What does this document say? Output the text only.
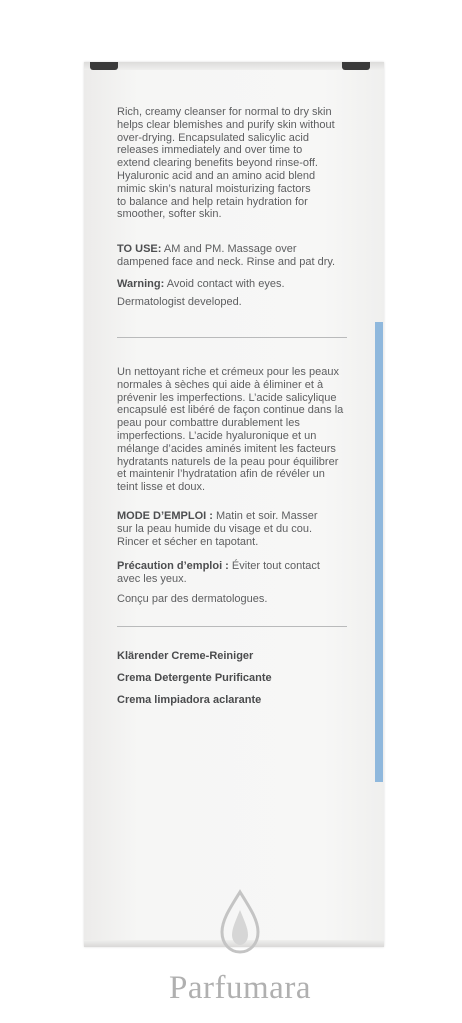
Rich, creamy cleanser for normal to dry skin
helps clear blemishes and purify skin without
over-drying. Encapsulated salicylic acid
releases immediately and over time to
extend clearing benefits beyond rinse-off.
Hyaluronic acid and an amino acid blend
mimic skin’s natural moisturizing factors
to balance and help retain hydration for
smoother, softer skin.

TO USE: AM and PM. Massage over
dampened face and neck. Rinse and pat dry.

Warning: Avoid contact with eyes.

Dermatologist developed.

Un nettoyant riche et crémeux pour les peaux
normales à sèches qui aide à éliminer et à
prévenir les imperfections. L’acide salicylique
encapsulé est libéré de façon continue dans la
peau pour combattre durablement les
imperfections. L’acide hyaluronique et un
mélange d’acides aminés imitent les facteurs
hydratants naturels de la peau pour équilibrer
et maintenir l’hydratation afin de révéler un
teint lisse et doux.

MODE D’EMPLOI : Matin et soir. Masser
sur la peau humide du visage et du cou.
Rincer et sécher en tapotant.

Précaution d’emploi : Éviter tout contact
avec les yeux.

Conçu par des dermatologues.

Klärender Creme-Reiniger

Crema Detergente Purificante

Crema limpiadora aclarante

Parfumara
